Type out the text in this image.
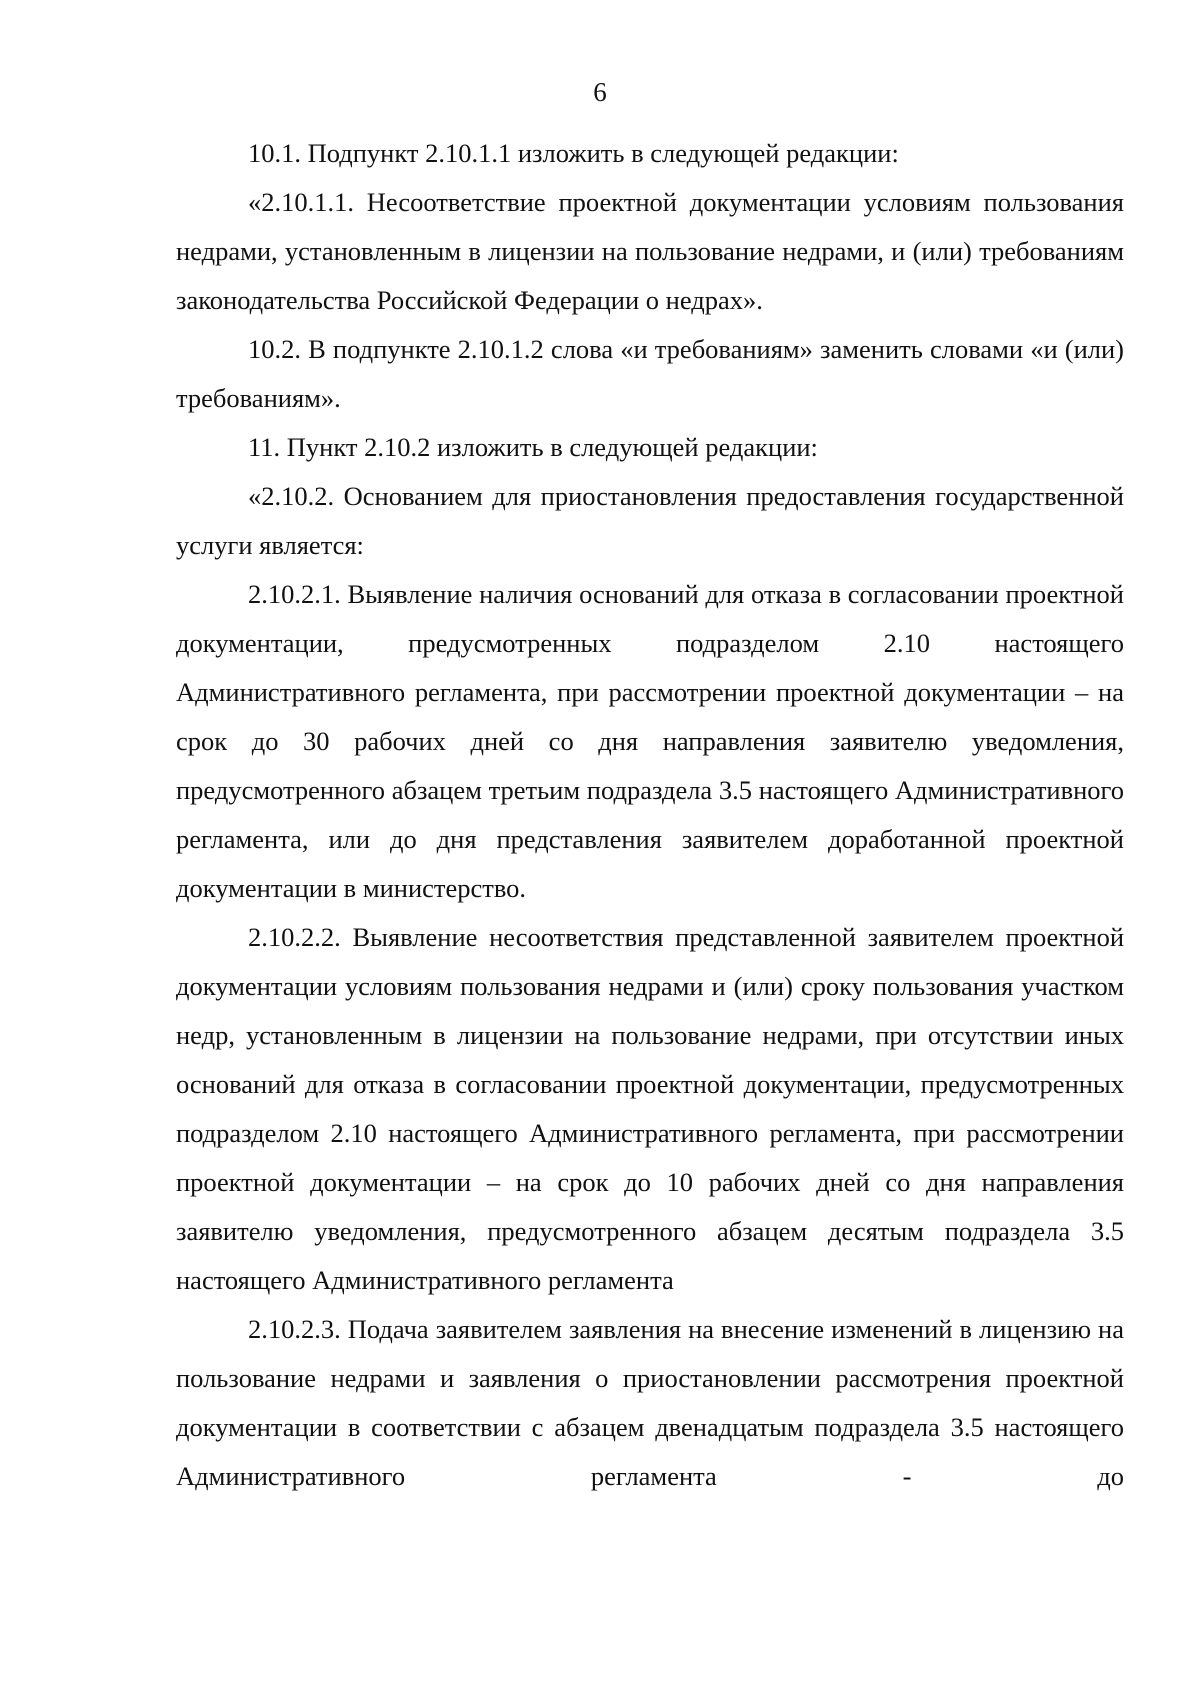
6

10.1. Подпункт 2.10.1.1 изложить в следующей редакции:

«2.10.1.1. Несоответствие проектной документации условиям пользования недрами, установленным в лицензии на пользование недрами, и (или) требованиям законодательства Российской Федерации о недрах».

10.2. В подпункте 2.10.1.2 слова «и требованиям» заменить словами «и (или) требованиям».

11. Пункт 2.10.2 изложить в следующей редакции:

«2.10.2. Основанием для приостановления предоставления государственной услуги является:

2.10.2.1. Выявление наличия оснований для отказа в согласовании проектной документации, предусмотренных подразделом 2.10 настоящего Административного регламента, при рассмотрении проектной документации – на срок до 30 рабочих дней со дня направления заявителю уведомления, предусмотренного абзацем третьим подраздела 3.5 настоящего Административного регламента, или до дня представления заявителем доработанной проектной документации в министерство.

2.10.2.2. Выявление несоответствия представленной заявителем проектной документации условиям пользования недрами и (или) сроку пользования участком недр, установленным в лицензии на пользование недрами, при отсутствии иных оснований для отказа в согласовании проектной документации, предусмотренных подразделом 2.10 настоящего Административного регламента, при рассмотрении проектной документации – на срок до 10 рабочих дней со дня направления заявителю уведомления, предусмотренного абзацем десятым подраздела 3.5 настоящего Административного регламента

2.10.2.3. Подача заявителем заявления на внесение изменений в лицензию на пользование недрами и заявления о приостановлении рассмотрения проектной документации в соответствии с абзацем двенадцатым подраздела 3.5 настоящего Административного регламента - до
